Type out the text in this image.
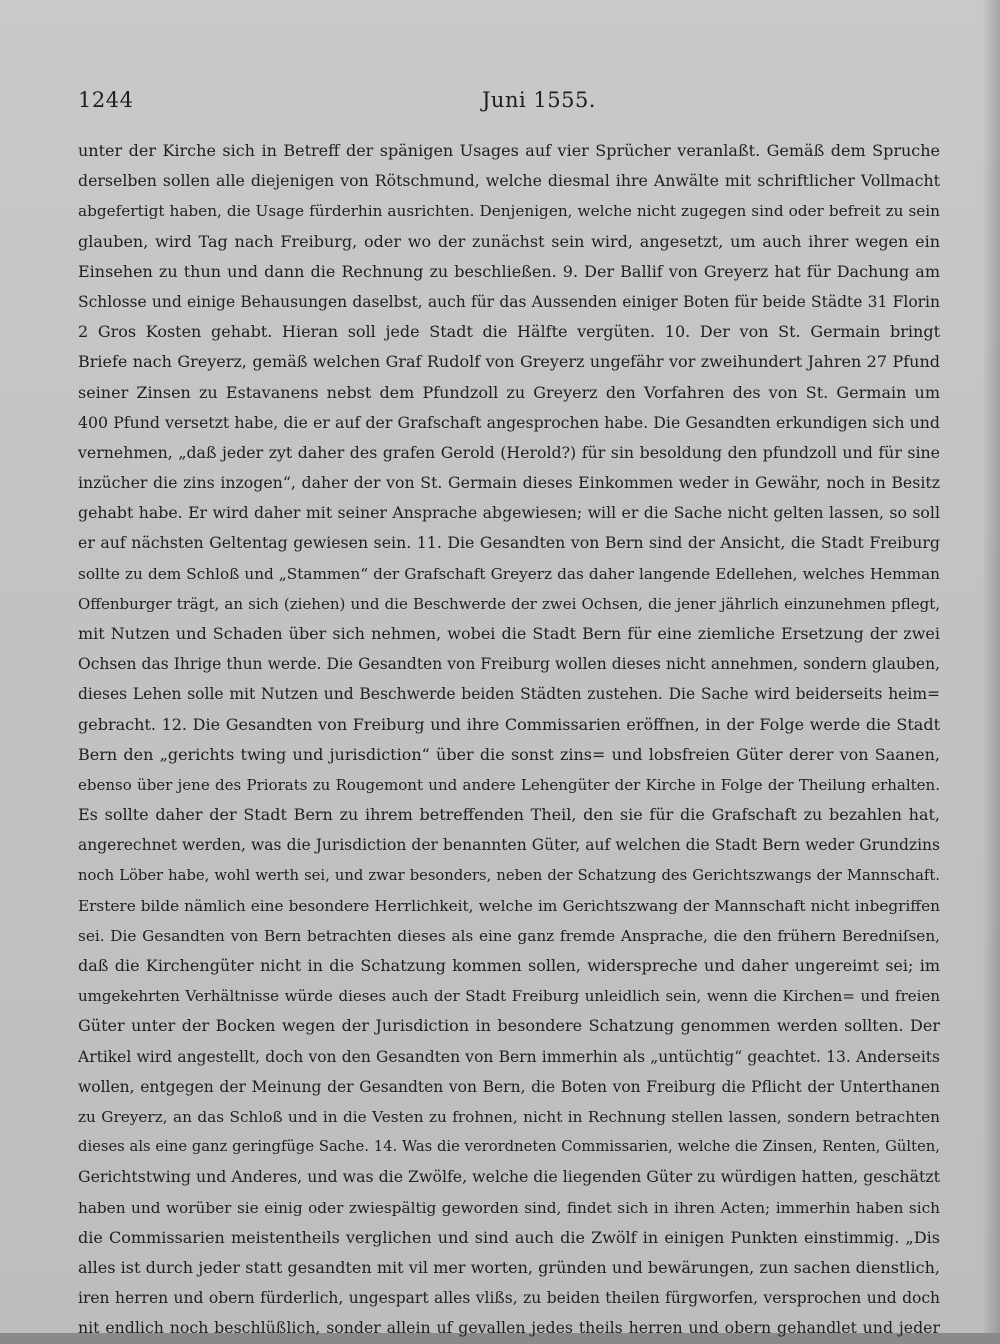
1244	Juni 1555.
unter der Kirche sich in Betreff der spänigen Usages auf vier Sprücher veranlaßt. Gemäß dem Spruche
derselben sollen alle diejenigen von Rötschmund, welche diesmal ihre Anwälte mit schriftlicher Vollmacht
abgefertigt haben, die Usage fürderhin ausrichten. Denjenigen, welche nicht zugegen sind oder befreit zu sein
glauben, wird Tag nach Freiburg, oder wo der zunächst sein wird, angesetzt, um auch ihrer wegen ein
Einsehen zu thun und dann die Rechnung zu beschließen. 9. Der Ballif von Greyerz hat für Dachung am
Schlosse und einige Behausungen daselbst, auch für das Aussenden einiger Boten für beide Städte 31 Florin
2 Gros Kosten gehabt. Hieran soll jede Stadt die Hälfte vergüten. 10. Der von St. Germain bringt
Briefe nach Greyerz, gemäß welchen Graf Rudolf von Greyerz ungefähr vor zweihundert Jahren 27 Pfund
seiner Zinsen zu Estavanens nebst dem Pfundzoll zu Greyerz den Vorfahren des von St. Germain um
400 Pfund versetzt habe, die er auf der Grafschaft angesprochen habe. Die Gesandten erkundigen sich und
vernehmen, „daß jeder zyt daher des grafen Gerold (Herold?) für sin besoldung den pfundzoll und für sine
inzücher die zins inzogen“, daher der von St. Germain dieses Einkommen weder in Gewähr, noch in Besitz
gehabt habe. Er wird daher mit seiner Ansprache abgewiesen; will er die Sache nicht gelten lassen, so soll
er auf nächsten Geltentag gewiesen sein. 11. Die Gesandten von Bern sind der Ansicht, die Stadt Freiburg
sollte zu dem Schloß und „Stammen“ der Grafschaft Greyerz das daher langende Edellehen, welches Hemman
Offenburger trägt, an sich (ziehen) und die Beschwerde der zwei Ochsen, die jener jährlich einzunehmen pflegt,
mit Nutzen und Schaden über sich nehmen, wobei die Stadt Bern für eine ziemliche Ersetzung der zwei
Ochsen das Ihrige thun werde. Die Gesandten von Freiburg wollen dieses nicht annehmen, sondern glauben,
dieses Lehen solle mit Nutzen und Beschwerde beiden Städten zustehen. Die Sache wird beiderseits heim=
gebracht. 12. Die Gesandten von Freiburg und ihre Commissarien eröffnen, in der Folge werde die Stadt
Bern den „gerichts twing und jurisdiction“ über die sonst zins= und lobsfreien Güter derer von Saanen,
ebenso über jene des Priorats zu Rougemont und andere Lehengüter der Kirche in Folge der Theilung erhalten.
Es sollte daher der Stadt Bern zu ihrem betreffenden Theil, den sie für die Grafschaft zu bezahlen hat,
angerechnet werden, was die Jurisdiction der benannten Güter, auf welchen die Stadt Bern weder Grundzins
noch Löber habe, wohl werth sei, und zwar besonders, neben der Schatzung des Gerichtszwangs der Mannschaft.
Erstere bilde nämlich eine besondere Herrlichkeit, welche im Gerichtszwang der Mannschaft nicht inbegriffen
sei. Die Gesandten von Bern betrachten dieses als eine ganz fremde Ansprache, die den frühern Beredniſsen,
daß die Kirchengüter nicht in die Schatzung kommen sollen, widerspreche und daher ungereimt sei; im
umgekehrten Verhältnisse würde dieses auch der Stadt Freiburg unleidlich sein, wenn die Kirchen= und freien
Güter unter der Bocken wegen der Jurisdiction in besondere Schatzung genommen werden sollten. Der
Artikel wird angestellt, doch von den Gesandten von Bern immerhin als „untüchtig“ geachtet. 13. Anderseits
wollen, entgegen der Meinung der Gesandten von Bern, die Boten von Freiburg die Pflicht der Unterthanen
zu Greyerz, an das Schloß und in die Vesten zu frohnen, nicht in Rechnung stellen lassen, sondern betrachten
dieses als eine ganz geringfüge Sache. 14. Was die verordneten Commissarien, welche die Zinsen, Renten, Gülten,
Gerichtstwing und Anderes, und was die Zwölfe, welche die liegenden Güter zu würdigen hatten, geschätzt
haben und worüber sie einig oder zwiespältig geworden sind, findet sich in ihren Acten; immerhin haben sich
die Commissarien meistentheils verglichen und sind auch die Zwölf in einigen Punkten einstimmig. „Dis
alles ist durch jeder statt gesandten mit vil mer worten, gründen und bewärungen, zun sachen dienstlich,
iren herren und obern fürderlich, ungespart alles vlißs, zu beiden theilen fürgworfen, versprochen und doch
nit endlich noch beschlüßlich, sonder allein uf gevallen jedes theils herren und obern gehandlet und jeder
